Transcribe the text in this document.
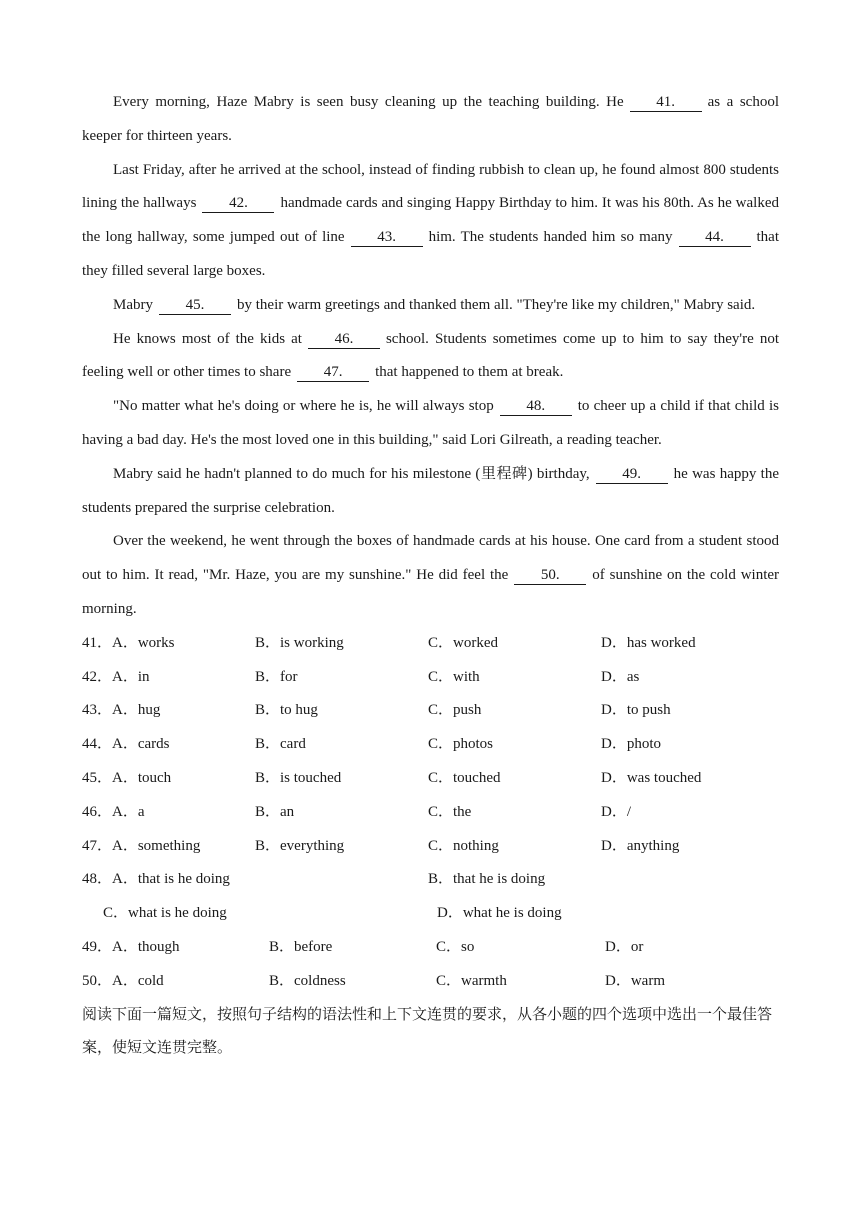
Every morning, Haze Mabry is seen busy cleaning up the teaching building. He 41. as a school keeper for thirteen years.

Last Friday, after he arrived at the school, instead of finding rubbish to clean up, he found almost 800 students lining the hallways 42. handmade cards and singing Happy Birthday to him. It was his 80th. As he walked the long hallway, some jumped out of line 43. him. The students handed him so many 44. that they filled several large boxes.

Mabry 45. by their warm greetings and thanked them all. "They're like my children," Mabry said.

He knows most of the kids at 46. school. Students sometimes come up to him to say they're not feeling well or other times to share 47. that happened to them at break.

"No matter what he's doing or where he is, he will always stop 48. to cheer up a child if that child is having a bad day. He's the most loved one in this building," said Lori Gilreath, a reading teacher.

Mabry said he hadn't planned to do much for his milestone (里程碑) birthday, 49. he was happy the students prepared the surprise celebration.

Over the weekend, he went through the boxes of handmade cards at his house. One card from a student stood out to him. It read, "Mr. Haze, you are my sunshine." He did feel the 50. of sunshine on the cold winter morning.

41．A．works	B．is working	C．worked	D．has worked
42．A．in	B．for	C．with	D．as
43．A．hug	B．to hug	C．push	D．to push
44．A．cards	B．card	C．photos	D．photo
45．A．touch	B．is touched	C．touched	D．was touched
46．A．a	B．an	C．the	D．/
47．A．something	B．everything	C．nothing	D．anything
48．A．that is he doing	B．that he is doing
C．what is he doing	D．what he is doing
49．A．though	B．before	C．so	D．or
50．A．cold	B．coldness	C．warmth	D．warm

阅读下面一篇短文，按照句子结构的语法性和上下文连贯的要求，从各小题的四个选项中选出一个最佳答案，使短文连贯完整。
